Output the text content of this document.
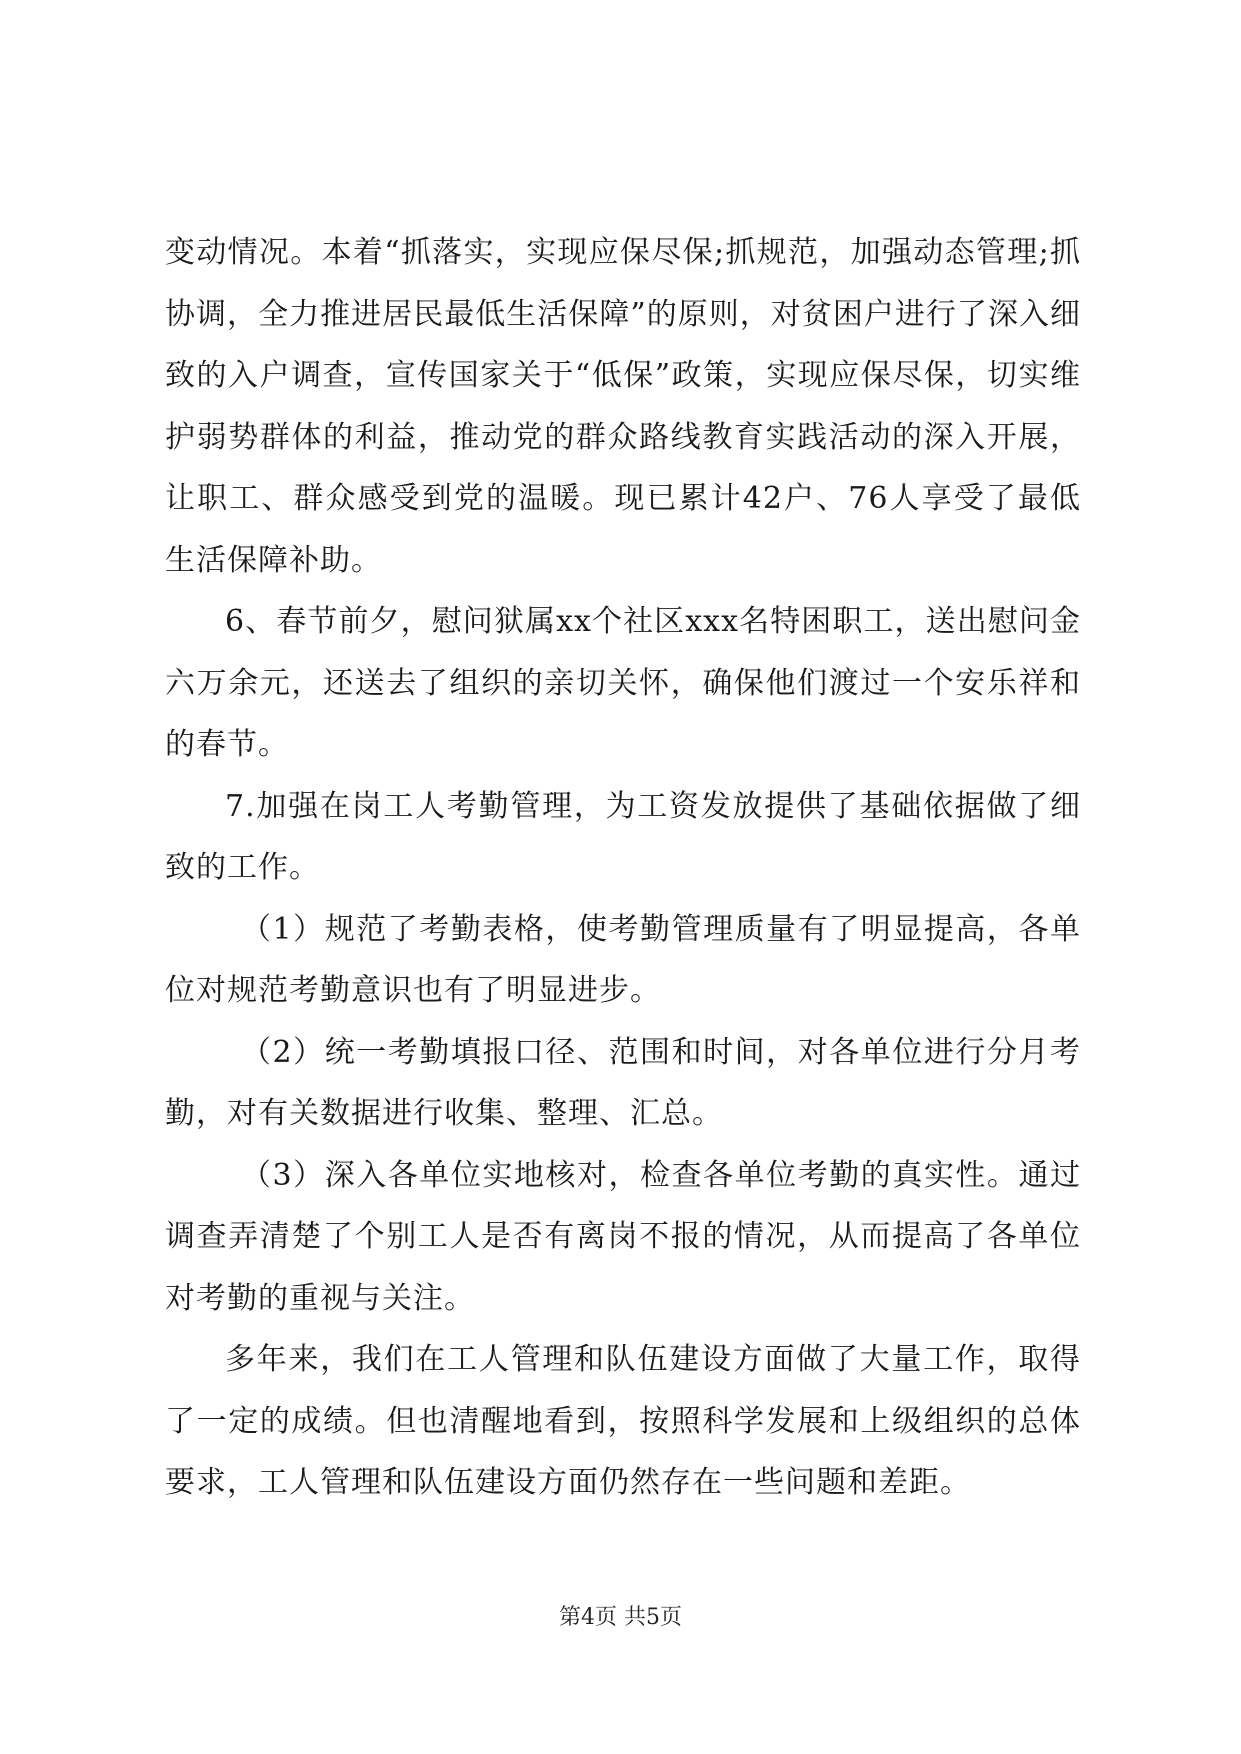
变动情况。本着“抓落实，实现应保尽保;抓规范，加强动态管理;抓协调，全力推进居民最低生活保障”的原则，对贫困户进行了深入细致的入户调查，宣传国家关于“低保”政策，实现应保尽保，切实维护弱势群体的利益，推动党的群众路线教育实践活动的深入开展，让职工、群众感受到党的温暖。现已累计42户、76人享受了最低生活保障补助。

6、春节前夕，慰问狱属xx个社区xxx名特困职工，送出慰问金六万余元，还送去了组织的亲切关怀，确保他们渡过一个安乐祥和的春节。

7.加强在岗工人考勤管理，为工资发放提供了基础依据做了细致的工作。

（1）规范了考勤表格，使考勤管理质量有了明显提高，各单位对规范考勤意识也有了明显进步。

（2）统一考勤填报口径、范围和时间，对各单位进行分月考勤，对有关数据进行收集、整理、汇总。

（3）深入各单位实地核对，检查各单位考勤的真实性。通过调查弄清楚了个别工人是否有离岗不报的情况，从而提高了各单位对考勤的重视与关注。

多年来，我们在工人管理和队伍建设方面做了大量工作，取得了一定的成绩。但也清醒地看到，按照科学发展和上级组织的总体要求，工人管理和队伍建设方面仍然存在一些问题和差距。

第4页 共5页
